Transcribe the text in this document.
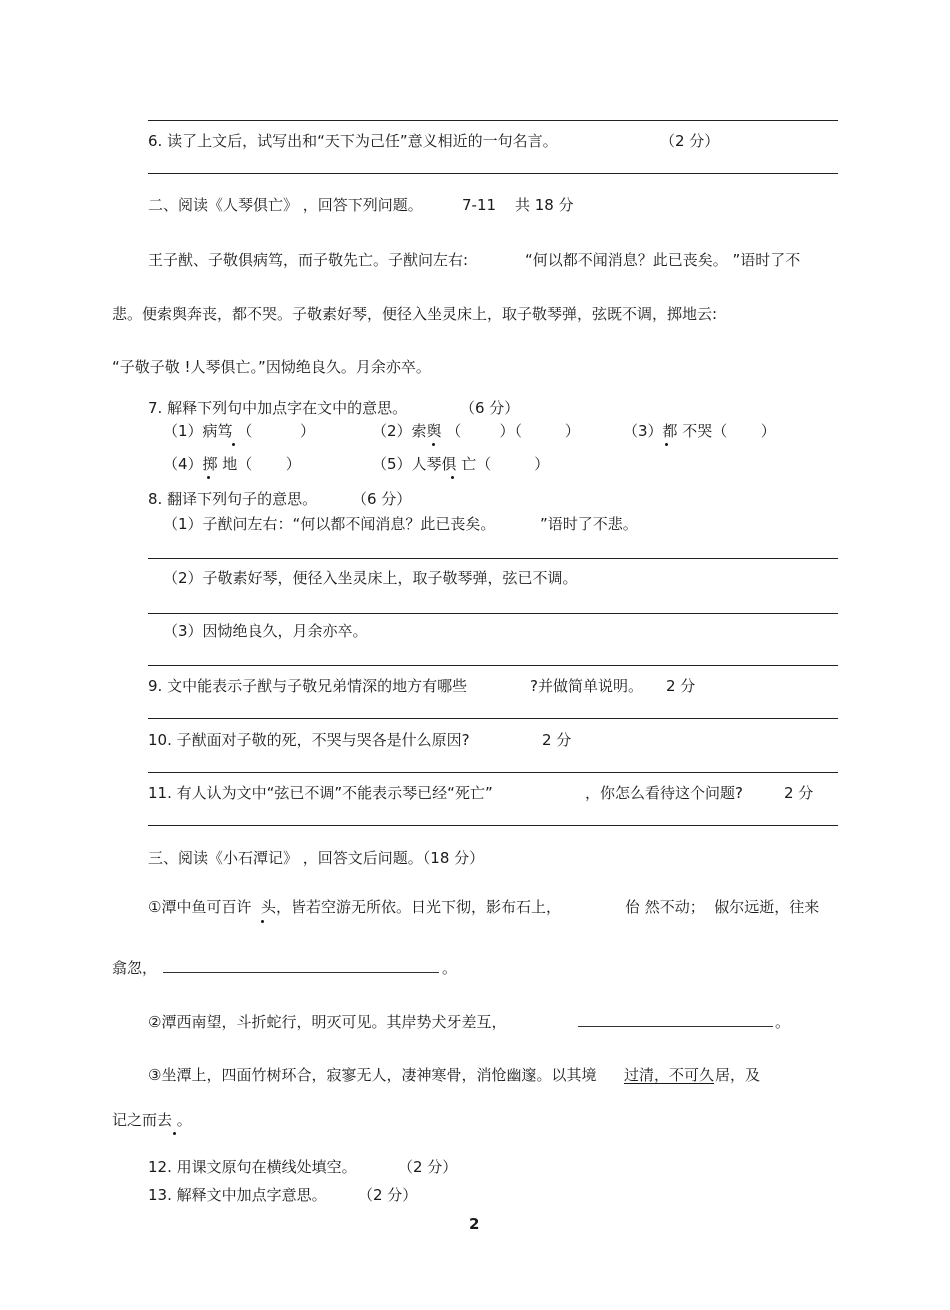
6. 读了上文后，试写出和“天下为己任”意义相近的一句名言。	（2 分）
二、阅读《人琴俱亡》 ，回答下列问题。	7-11 共 18 分
王子猷、子敬俱病笃，而子敬先亡。子猷问左右:	“何以都不闻消息？此已丧矣。 ”语时了不
悲。便索舆奔丧，都不哭。子敬素好琴，便径入坐灵床上，取子敬琴弹，弦既不调，掷地云:
“子敬子敬 !人琴俱亡。”因恸绝良久。月余亦卒。
7. 解释下列句中加点字在文中的意思。	（6 分）
（1）病笃 （          ）	（2）索舆 （        ）（         ）	（3）都 不哭（       ）
（4）掷 地（       ）	（5）人琴俱 亡（         ）
8. 翻译下列句子的意思。 （6 分）
（1）子猷问左右：“何以都不闻消息？此已丧矣。	”语时了不悲。
（2）子敬素好琴，便径入坐灵床上，取子敬琴弹，弦已不调。
（3）因恸绝良久，月余亦卒。
9. 文中能表示子猷与子敬兄弟情深的地方有哪些	?并做简单说明。 2 分
10. 子猷面对子敬的死，不哭与哭各是什么原因?	2 分
11. 有人认为文中“弦已不调”不能表示琴已经“死亡”	，你怎么看待这个问题?	2 分
三、阅读《小石潭记》 ，回答文后问题。（18 分）
①潭中鱼可百许  头，皆若空游无所依。日光下彻，影布石上，	佁 然不动；  俶尔远逝，往来
翕忽，	。
②潭西南望，斗折蛇行，明灭可见。其岸势犬牙差互，	。
③坐潭上，四面竹树环合，寂寥无人，凄神寒骨，消怆幽邃。以其境 过清，不可久 居，及
记之而去 。
12. 用课文原句在横线处填空。	（2 分）
13. 解释文中加点字意思。 （2 分）
2
